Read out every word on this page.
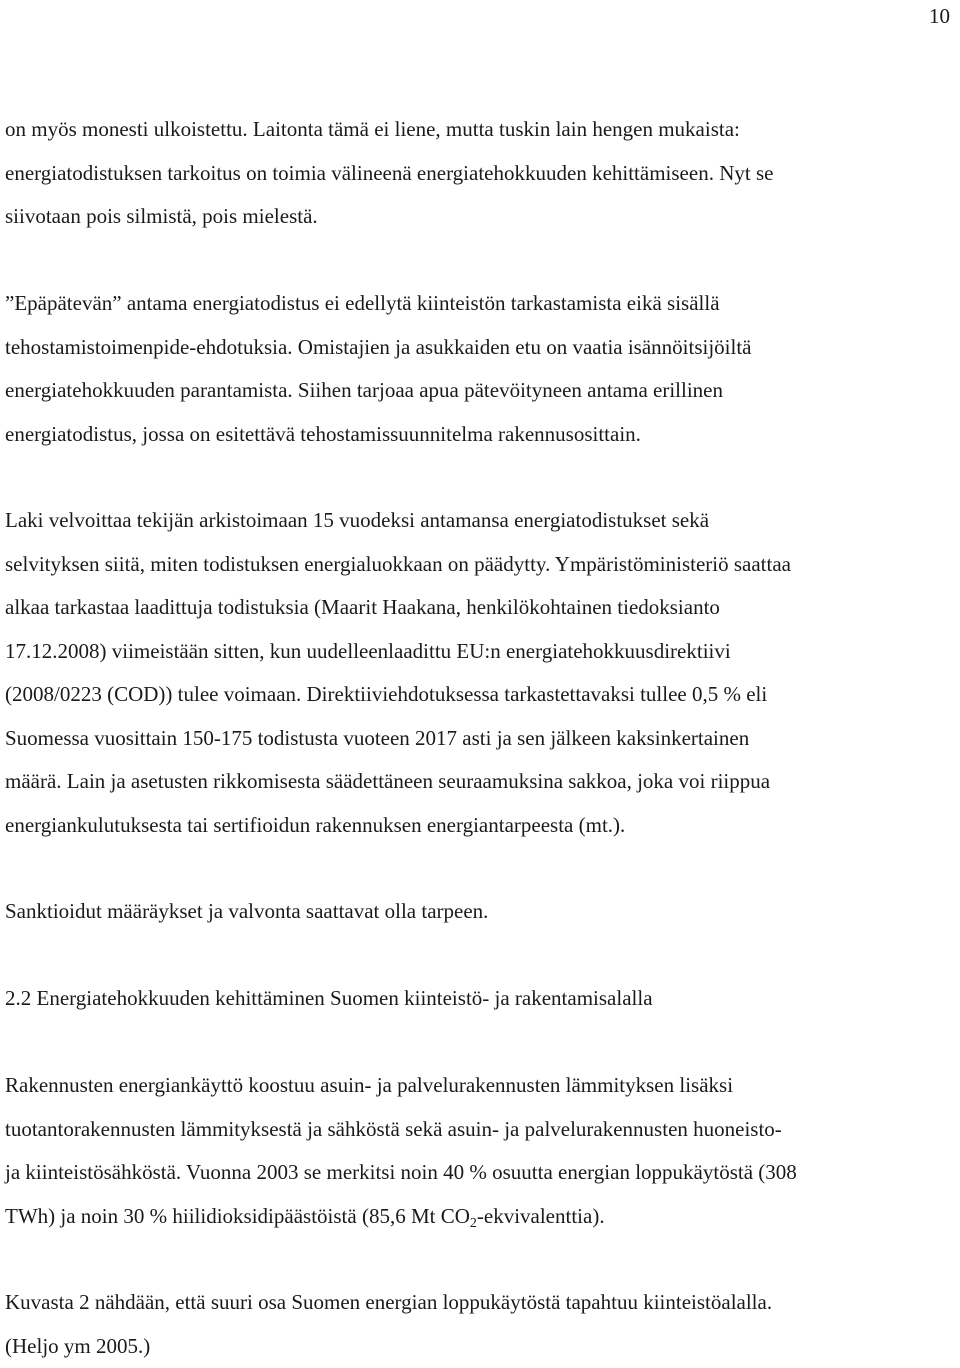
10
on myös monesti ulkoistettu. Laitonta tämä ei liene, mutta tuskin lain hengen mukaista:
energiatodistuksen tarkoitus on toimia välineenä energiatehokkuuden kehittämiseen. Nyt se
siivotaan pois silmistä, pois mielestä.
”Epäpätevän” antama energiatodistus ei edellytä kiinteistön tarkastamista eikä sisällä
tehostamistoimenpide-ehdotuksia. Omistajien ja asukkaiden etu on vaatia isännöitsijöiltä
energiatehokkuuden parantamista. Siihen tarjoaa apua pätevöityneen antama erillinen
energiatodistus, jossa on esitettävä tehostamissuunnitelma rakennusosittain.
Laki velvoittaa tekijän arkistoimaan 15 vuodeksi antamansa energiatodistukset sekä
selvityksen siitä, miten todistuksen energialuokkaan on päädytty. Ympäristöministeriö saattaa
alkaa tarkastaa laadittuja todistuksia (Maarit Haakana, henkilökohtainen tiedoksianto
17.12.2008) viimeistään sitten, kun uudelleenlaadittu EU:n energiatehokkuusdirektiivi
(2008/0223 (COD)) tulee voimaan. Direktiiviehdotuksessa tarkastettavaksi tullee 0,5 % eli
Suomessa vuosittain 150-175 todistusta vuoteen 2017 asti ja sen jälkeen kaksinkertainen
määrä. Lain ja asetusten rikkomisesta säädettäneen seuraamuksina sakkoa, joka voi riippua
energiankulutuksesta tai sertifioidun rakennuksen energiantarpeesta (mt.).
Sanktioidut määräykset ja valvonta saattavat olla tarpeen.
2.2 Energiatehokkuuden kehittäminen Suomen kiinteistö- ja rakentamisalalla
Rakennusten energiankäyttö koostuu asuin- ja palvelurakennusten lämmityksen lisäksi
tuotantorakennusten lämmityksestä ja sähköstä sekä asuin- ja palvelurakennusten huoneisto-
ja kiinteistösähköstä. Vuonna 2003 se merkitsi noin 40 % osuutta energian loppukäytöstä (308
TWh) ja noin 30 % hiilidioksidipäästöistä (85,6 Mt $CO_2-ekvivalenttia$).
Kuvasta 2 nähdään, että suuri osa Suomen energian loppukäytöstä tapahtuu kiinteistöalalla.
(Heljo ym 2005.)
